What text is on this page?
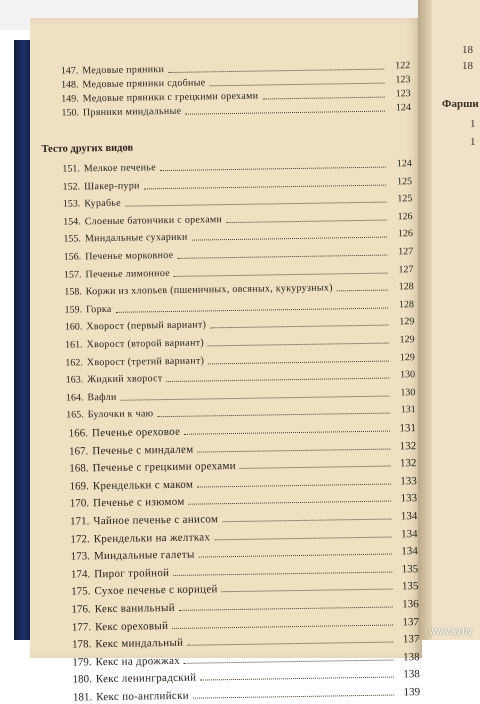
18
18
Фарши
1
1
Тесто других видов
147. Медовые пряники	122
148. Медовые пряники сдобные	123
149. Медовые пряники с грецкими орехами	123
150. Пряники миндальные	124
151. Мелкое печенье	124
152. Шакер-пури	125
153. Курабье	125
154. Слоеные батончики с орехами	126
155. Миндальные сухарики	126
156. Печенье морковное	127
157. Печенье лимонное	127
158. Коржи из хлопьев (пшеничных, овсяных, кукурузных)	128
159. Горка	128
160. Хворост (первый вариант)	129
161. Хворост (второй вариант)	129
162. Хворост (третий вариант)	129
163. Жидкий хворост	130
164. Вафли	130
165. Булочки к чаю	131
166. Печенье ореховое	131
167. Печенье с миндалем	132
168. Печенье с грецкими орехами	132
169. Крендельки с маком	133
170. Печенье с изюмом	133
171. Чайное печенье с анисом	134
172. Крендельки на желтках	134
173. Миндальные галеты	134
174. Пирог тройной	135
175. Сухое печенье с корицей	135
176. Кекс ванильный	136
177. Кекс ореховый	137
178. Кекс миндальный	137
179. Кекс на дрожжах	138
180. Кекс ленинградский	138
181. Кекс по-английски	139
www.ay.by
